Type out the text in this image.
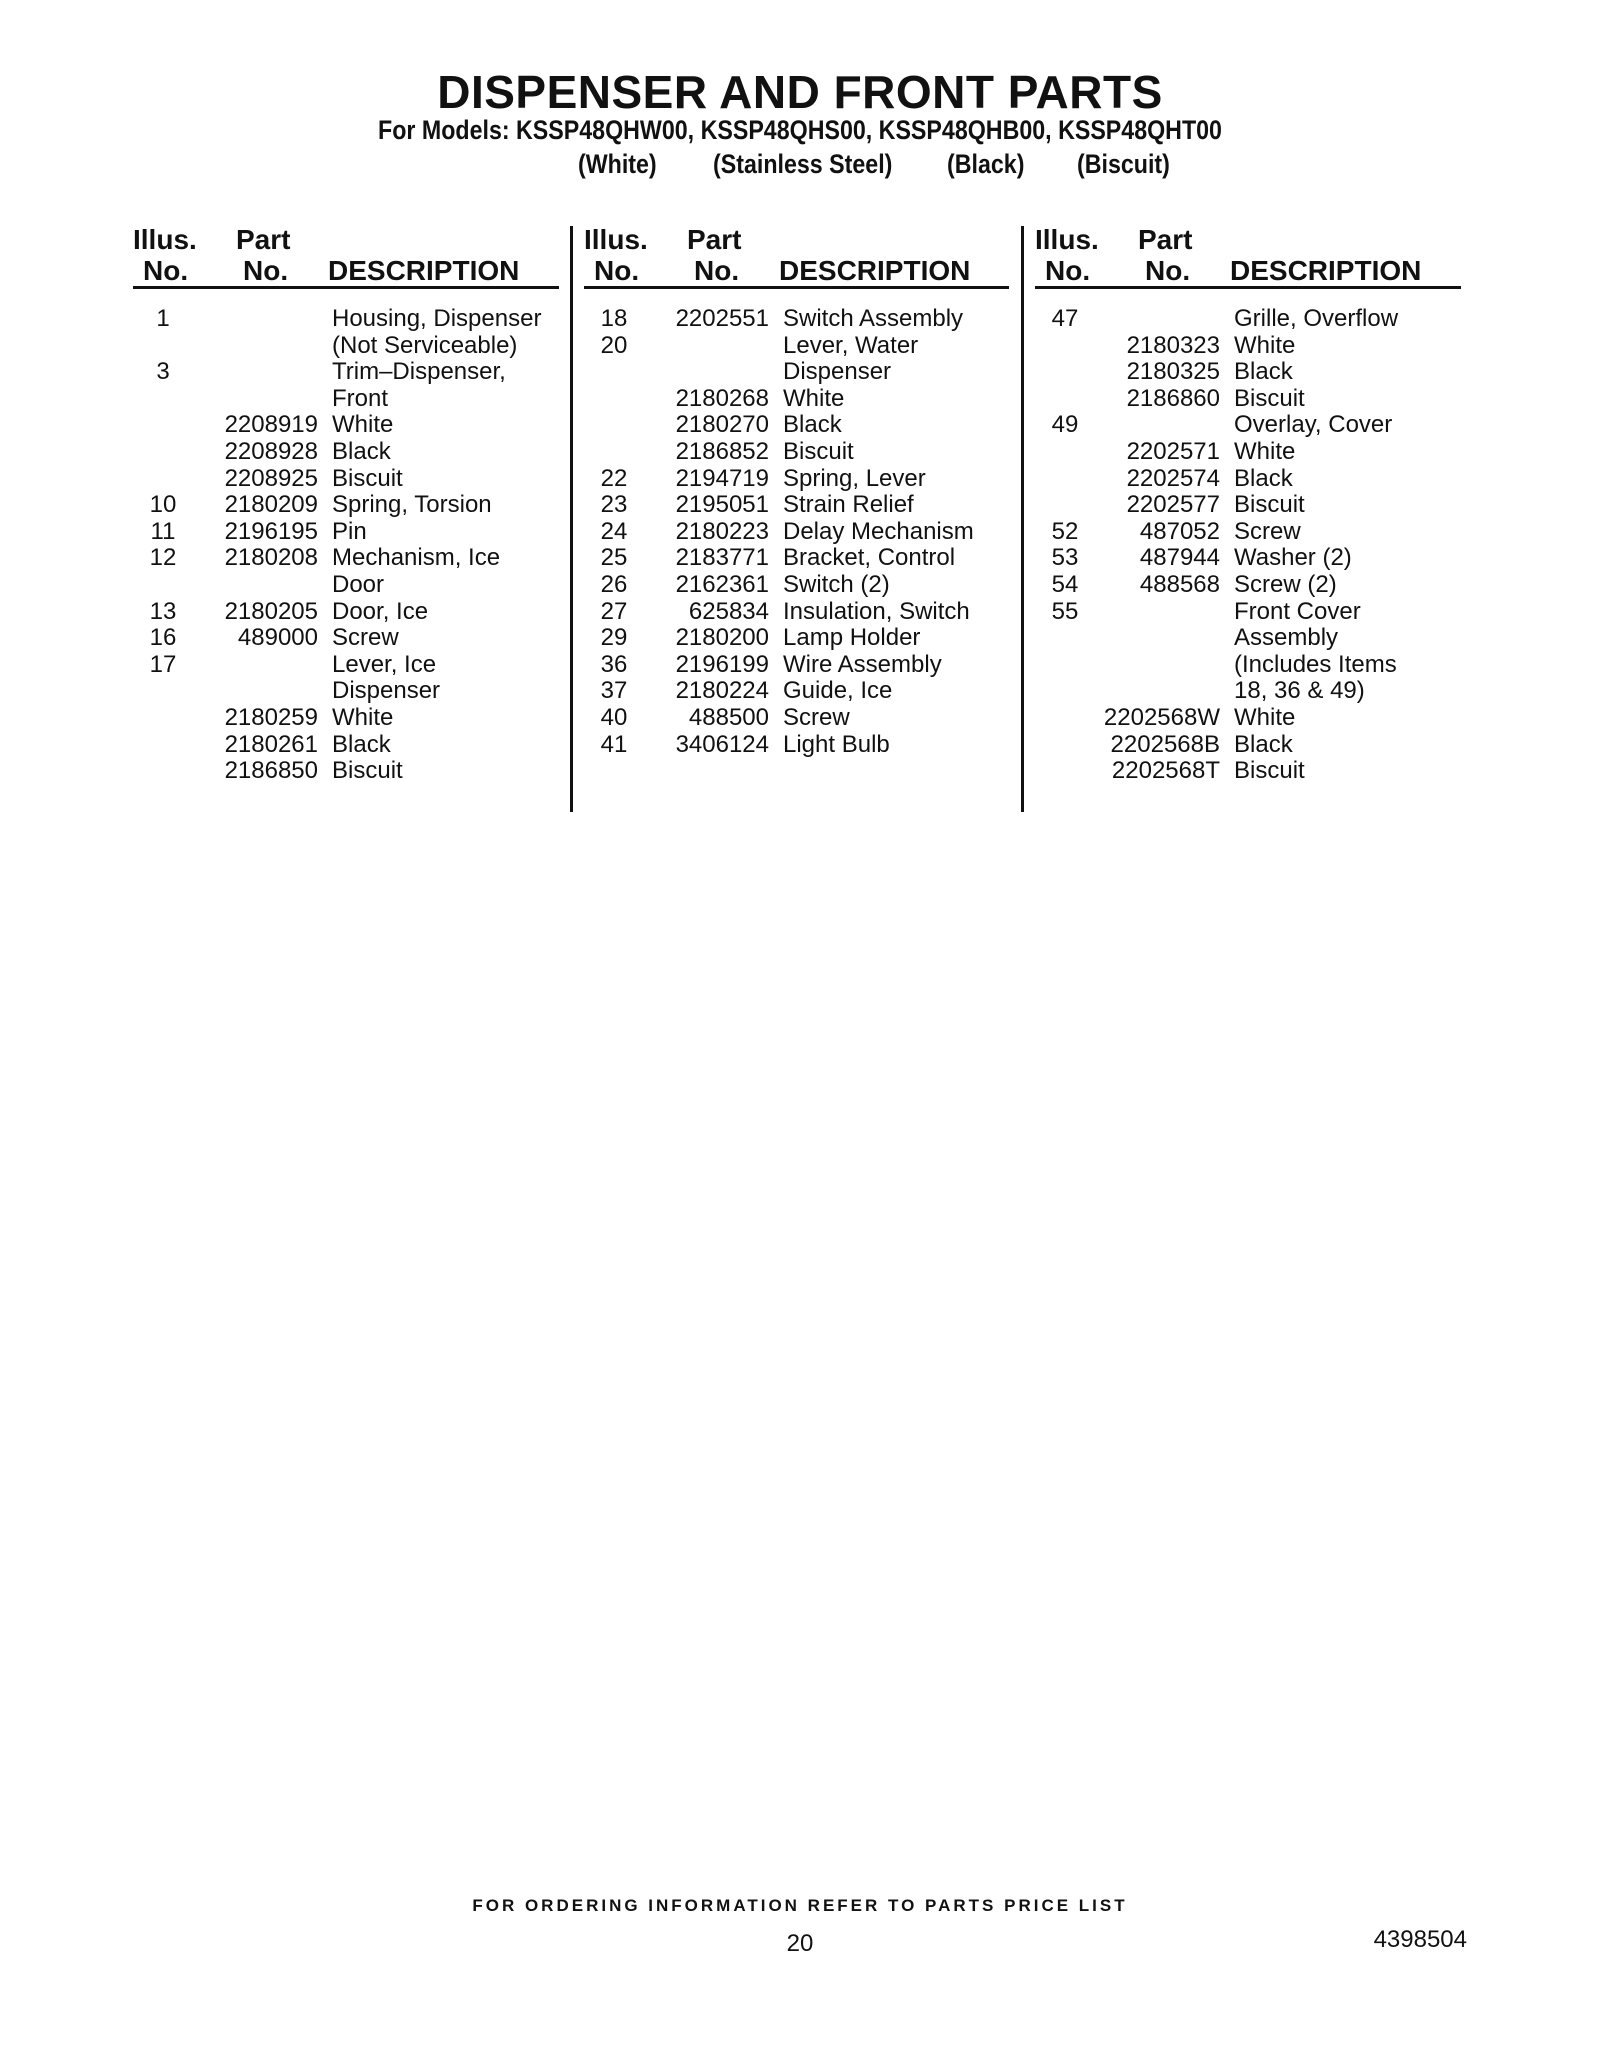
DISPENSER AND FRONT PARTS
For Models: KSSP48QHW00, KSSP48QHS00, KSSP48QHB00, KSSP48QHT00
(White) (Stainless Steel) (Black) (Biscuit)
Illus.
No.
Part
No. DESCRIPTION
1	Housing, Dispenser
(Not Serviceable)
3	Trim–Dispenser,
Front
2208919 White
2208928 Black
2208925 Biscuit
10	2180209 Spring, Torsion
11	2196195 Pin
12	2180208 Mechanism, Ice
Door
13	2180205 Door, Ice
16	489000 Screw
17	Lever, Ice
Dispenser
2180259 White
2180261 Black
2186850 Biscuit
Illus.
No.
Part
No. DESCRIPTION
18	2202551 Switch Assembly
20	Lever, Water
Dispenser
2180268 White
2180270 Black
2186852 Biscuit
22	2194719 Spring, Lever
23	2195051 Strain Relief
24	2180223 Delay Mechanism
25	2183771 Bracket, Control
26	2162361 Switch (2)
27	625834 Insulation, Switch
29	2180200 Lamp Holder
36	2196199 Wire Assembly
37	2180224 Guide, Ice
40	488500 Screw
41	3406124 Light Bulb
Illus.
No.
Part
No. DESCRIPTION
47	Grille, Overflow
2180323 White
2180325 Black
2186860 Biscuit
49	Overlay, Cover
2202571 White
2202574 Black
2202577 Biscuit
52	487052 Screw
53	487944 Washer (2)
54	488568 Screw (2)
55	Front Cover
Assembly
(Includes Items
18, 36 & 49)
2202568W White
2202568B Black
2202568T Biscuit
FOR ORDERING INFORMATION REFER TO PARTS PRICE LIST
20	4398504
